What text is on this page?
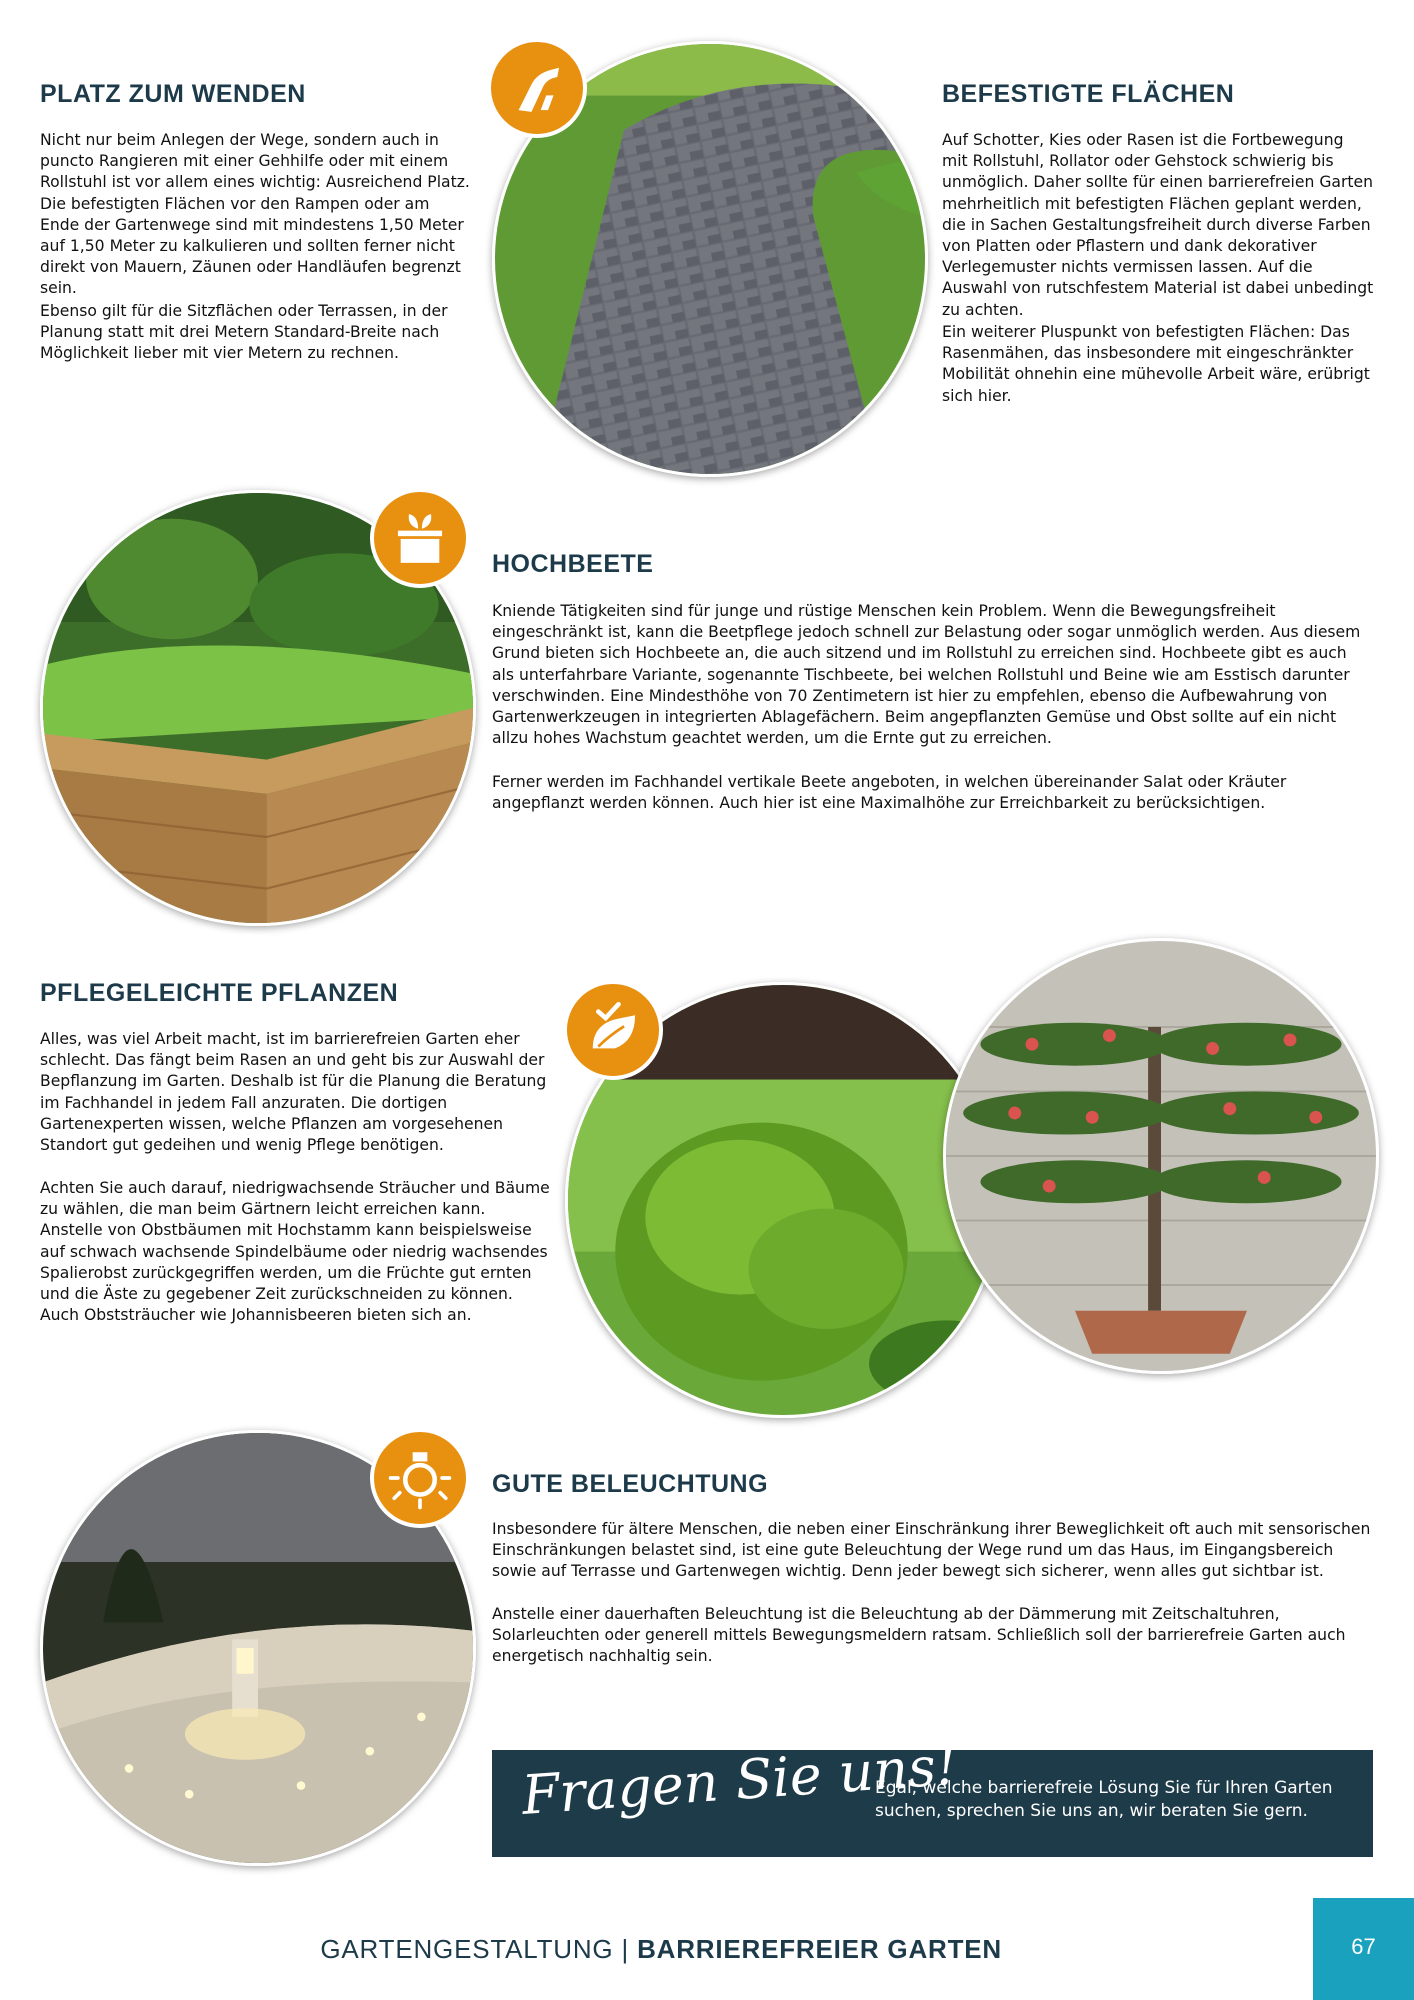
PLATZ ZUM WENDEN

Nicht nur beim Anlegen der Wege, sondern auch in puncto Rangieren mit einer Gehhilfe oder mit einem Rollstuhl ist vor allem eines wichtig: Ausreichend Platz. Die befestigten Flächen vor den Rampen oder am Ende der Gartenwege sind mit mindestens 1,50 Meter auf 1,50 Meter zu kalkulieren und sollten ferner nicht direkt von Mauern, Zäunen oder Handläufen begrenzt sein.

Ebenso gilt für die Sitzflächen oder Terrassen, in der Planung statt mit drei Metern Standard-Breite nach Möglichkeit lieber mit vier Metern zu rechnen.

BEFESTIGTE FLÄCHEN

Auf Schotter, Kies oder Rasen ist die Fortbewegung mit Rollstuhl, Rollator oder Gehstock schwierig bis unmöglich. Daher sollte für einen barrierefreien Garten mehrheitlich mit befestigten Flächen geplant werden, die in Sachen Gestaltungsfreiheit durch diverse Farben von Platten oder Pflastern und dank dekorativer Verlegemuster nichts vermissen lassen. Auf die Auswahl von rutschfestem Material ist dabei unbedingt zu achten.

Ein weiterer Pluspunkt von befestigten Flächen: Das Rasenmähen, das insbesondere mit eingeschränkter Mobilität ohnehin eine mühevolle Arbeit wäre, erübrigt sich hier.

HOCHBEETE

Kniende Tätigkeiten sind für junge und rüstige Menschen kein Problem. Wenn die Bewegungsfreiheit eingeschränkt ist, kann die Beetpflege jedoch schnell zur Belastung oder sogar unmöglich werden. Aus diesem Grund bieten sich Hochbeete an, die auch sitzend und im Rollstuhl zu erreichen sind. Hochbeete gibt es auch als unterfahrbare Variante, sogenannte Tischbeete, bei welchen Rollstuhl und Beine wie am Esstisch darunter verschwinden. Eine Mindesthöhe von 70 Zentimetern ist hier zu empfehlen, ebenso die Aufbewahrung von Gartenwerkzeugen in integrierten Ablagefächern. Beim angepflanzten Gemüse und Obst sollte auf ein nicht allzu hohes Wachstum geachtet werden, um die Ernte gut zu erreichen.

Ferner werden im Fachhandel vertikale Beete angeboten, in welchen übereinander Salat oder Kräuter angepflanzt werden können. Auch hier ist eine Maximalhöhe zur Erreichbarkeit zu berücksichtigen.

PFLEGELEICHTE PFLANZEN

Alles, was viel Arbeit macht, ist im barrierefreien Garten eher schlecht. Das fängt beim Rasen an und geht bis zur Auswahl der Bepflanzung im Garten. Deshalb ist für die Planung die Beratung im Fachhandel in jedem Fall anzuraten. Die dortigen Gartenexperten wissen, welche Pflanzen am vorgesehenen Standort gut gedeihen und wenig Pflege benötigen.

Achten Sie auch darauf, niedrigwachsende Sträucher und Bäume zu wählen, die man beim Gärtnern leicht erreichen kann. Anstelle von Obstbäumen mit Hochstamm kann beispielsweise auf schwach wachsende Spindelbäume oder niedrig wachsendes Spalierobst zurückgegriffen werden, um die Früchte gut ernten und die Äste zu gegebener Zeit zurückschneiden zu können. Auch Obststräucher wie Johannisbeeren bieten sich an.

GUTE BELEUCHTUNG

Insbesondere für ältere Menschen, die neben einer Einschränkung ihrer Beweglichkeit oft auch mit sensorischen Einschränkungen belastet sind, ist eine gute Beleuchtung der Wege rund um das Haus, im Eingangsbereich sowie auf Terrasse und Gartenwegen wichtig. Denn jeder bewegt sich sicherer, wenn alles gut sichtbar ist.

Anstelle einer dauerhaften Beleuchtung ist die Beleuchtung ab der Dämmerung mit Zeitschaltuhren, Solarleuchten oder generell mittels Bewegungsmeldern ratsam. Schließlich soll der barrierefreie Garten auch energetisch nachhaltig sein.

Fragen Sie uns!

Egal, welche barrierefreie Lösung Sie für Ihren Garten suchen, sprechen Sie uns an, wir beraten Sie gern.

GARTENGESTALTUNG | BARRIEREFREIER GARTEN	67
